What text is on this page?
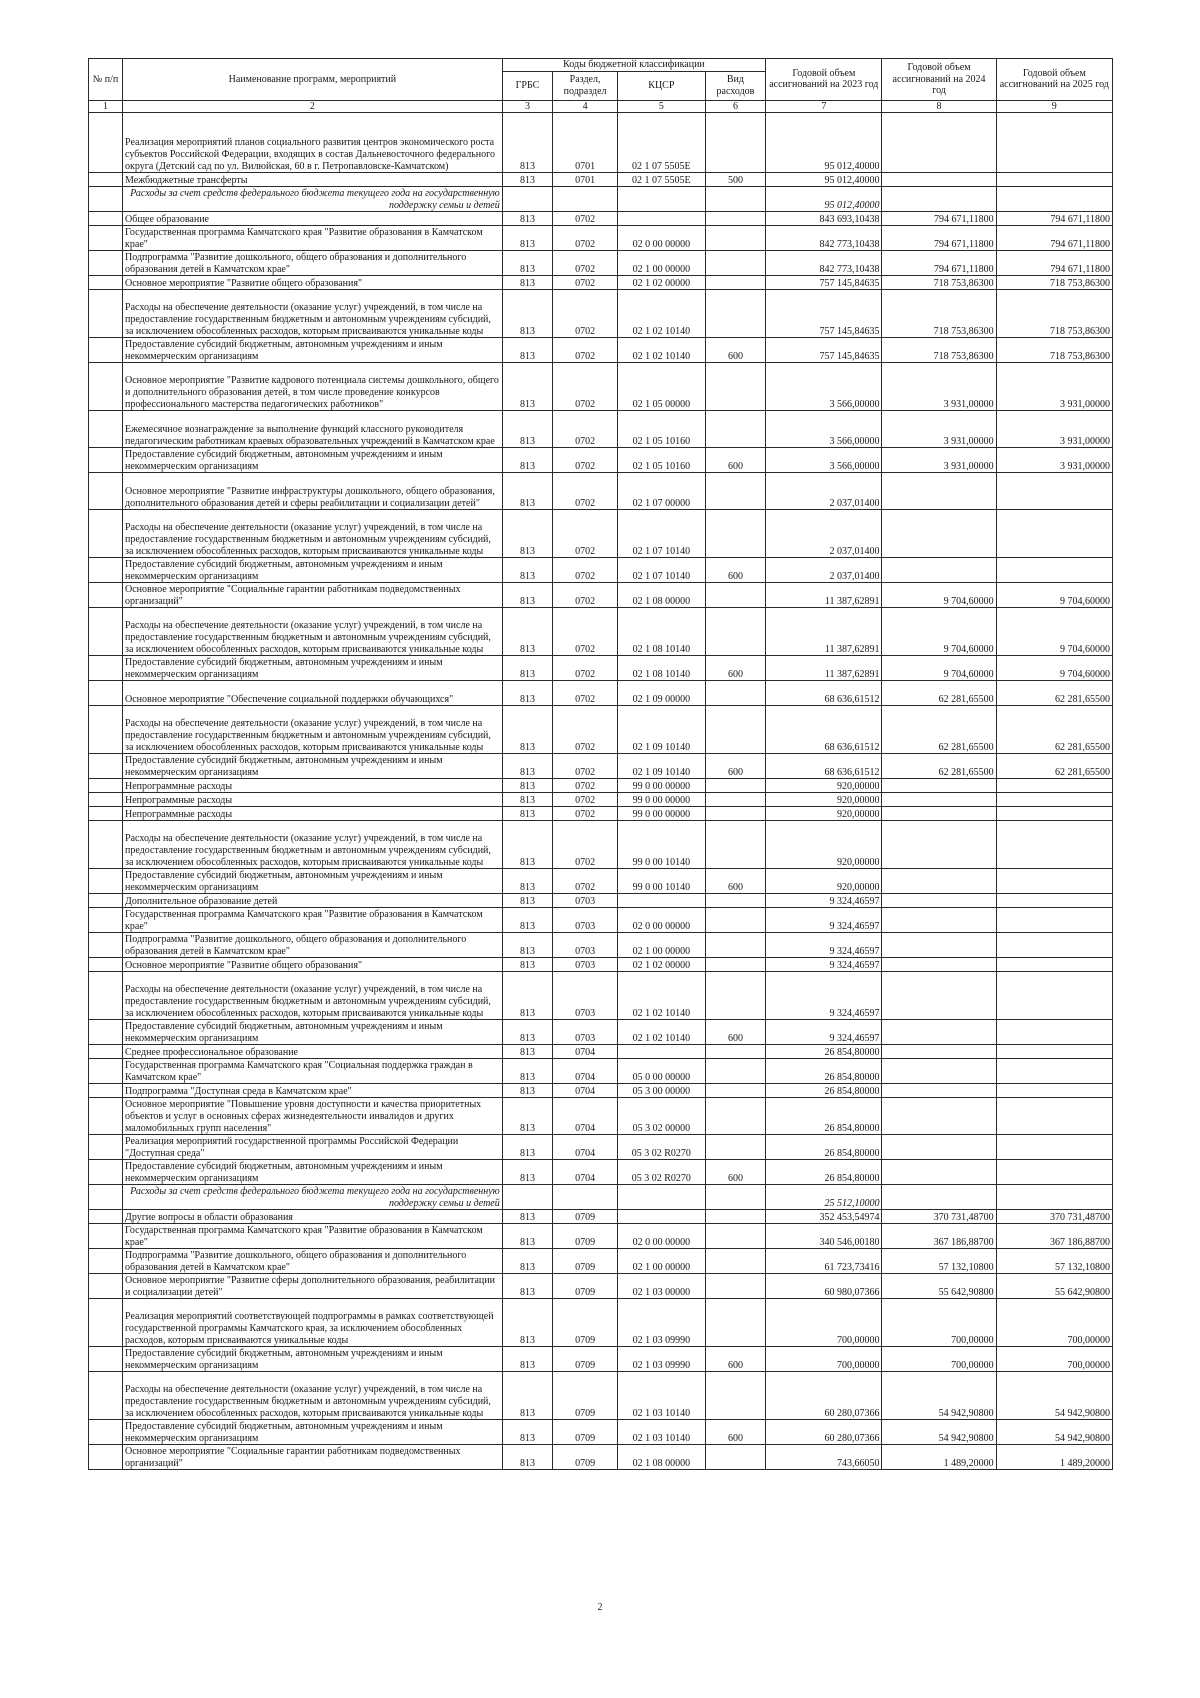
№ п/п	Наименование программ, мероприятий	Коды бюджетной классификации				Годовой объем ассигнований на 2023 год	Годовой объем ассигнований на 2024 год	Годовой объем ассигнований на 2025 год
		ГРБС	Раздел, подраздел	КЦСР	Вид расходов			
1	2	3	4	5	6	7	8	9
	Реализация мероприятий планов социального развития центров экономического роста субъектов Российской Федерации, входящих в состав Дальневосточного федерального округа (Детский сад по ул. Вилюйская, 60 в г. Петропавловске-Камчатском)	813	0701	02 1 07 5505Е		95 012,40000		
	Межбюджетные трансферты	813	0701	02 1 07 5505Е	500	95 012,40000		
	Расходы за счет средств федерального бюджета текущего года на государственную поддержку семьи и детей					95 012,40000		
	Общее образование	813	0702			843 693,10438	794 671,11800	794 671,11800
	Государственная программа Камчатского края "Развитие образования в Камчатском крае"	813	0702	02 0 00 00000		842 773,10438	794 671,11800	794 671,11800
	Подпрограмма "Развитие дошкольного, общего образования и дополнительного образования детей в Камчатском крае"	813	0702	02 1 00 00000		842 773,10438	794 671,11800	794 671,11800
	Основное мероприятие "Развитие общего образования"	813	0702	02 1 02 00000		757 145,84635	718 753,86300	718 753,86300
	Расходы на обеспечение деятельности (оказание услуг) учреждений, в том числе на предоставление государственным бюджетным и автономным учреждениям субсидий, за исключением обособленных расходов, которым присваиваются уникальные коды	813	0702	02 1 02 10140		757 145,84635	718 753,86300	718 753,86300
	Предоставление субсидий бюджетным, автономным учреждениям и иным некоммерческим организациям	813	0702	02 1 02 10140	600	757 145,84635	718 753,86300	718 753,86300
	Основное мероприятие "Развитие кадрового потенциала системы дошкольного, общего и дополнительного образования детей, в том числе проведение конкурсов профессионального мастерства педагогических работников"	813	0702	02 1 05 00000		3 566,00000	3 931,00000	3 931,00000
	Ежемесячное вознаграждение за выполнение функций классного руководителя педагогическим работникам краевых образовательных учреждений в Камчатском крае	813	0702	02 1 05 10160		3 566,00000	3 931,00000	3 931,00000
	Предоставление субсидий бюджетным, автономным учреждениям и иным некоммерческим организациям	813	0702	02 1 05 10160	600	3 566,00000	3 931,00000	3 931,00000
	Основное мероприятие "Развитие инфраструктуры дошкольного, общего образования, дополнительного образования детей и сферы реабилитации и социализации детей"	813	0702	02 1 07 00000		2 037,01400		
	Расходы на обеспечение деятельности (оказание услуг) учреждений, в том числе на предоставление государственным бюджетным и автономным учреждениям субсидий, за исключением обособленных расходов, которым присваиваются уникальные коды	813	0702	02 1 07 10140		2 037,01400		
	Предоставление субсидий бюджетным, автономным учреждениям и иным некоммерческим организациям	813	0702	02 1 07 10140	600	2 037,01400		
	Основное мероприятие "Социальные гарантии работникам подведомственных организаций"	813	0702	02 1 08 00000		11 387,62891	9 704,60000	9 704,60000
	Расходы на обеспечение деятельности (оказание услуг) учреждений, в том числе на предоставление государственным бюджетным и автономным учреждениям субсидий, за исключением обособленных расходов, которым присваиваются уникальные коды	813	0702	02 1 08 10140		11 387,62891	9 704,60000	9 704,60000
	Предоставление субсидий бюджетным, автономным учреждениям и иным некоммерческим организациям	813	0702	02 1 08 10140	600	11 387,62891	9 704,60000	9 704,60000
	Основное мероприятие "Обеспечение социальной поддержки обучающихся"	813	0702	02 1 09 00000		68 636,61512	62 281,65500	62 281,65500
	Расходы на обеспечение деятельности (оказание услуг) учреждений, в том числе на предоставление государственным бюджетным и автономным учреждениям субсидий, за исключением обособленных расходов, которым присваиваются уникальные коды	813	0702	02 1 09 10140		68 636,61512	62 281,65500	62 281,65500
	Предоставление субсидий бюджетным, автономным учреждениям и иным некоммерческим организациям	813	0702	02 1 09 10140	600	68 636,61512	62 281,65500	62 281,65500
	Непрограммные расходы	813	0702	99 0 00 00000		920,00000		
	Непрограммные расходы	813	0702	99 0 00 00000		920,00000		
	Непрограммные расходы	813	0702	99 0 00 00000		920,00000		
	Расходы на обеспечение деятельности (оказание услуг) учреждений, в том числе на предоставление государственным бюджетным и автономным учреждениям субсидий, за исключением обособленных расходов, которым присваиваются уникальные коды	813	0702	99 0 00 10140		920,00000		
	Предоставление субсидий бюджетным, автономным учреждениям и иным некоммерческим организациям	813	0702	99 0 00 10140	600	920,00000		
	Дополнительное образование детей	813	0703			9 324,46597		
	Государственная программа Камчатского края "Развитие образования в Камчатском крае"	813	0703	02 0 00 00000		9 324,46597		
	Подпрограмма "Развитие дошкольного, общего образования и дополнительного образования детей в Камчатском крае"	813	0703	02 1 00 00000		9 324,46597		
	Основное мероприятие "Развитие общего образования"	813	0703	02 1 02 00000		9 324,46597		
	Расходы на обеспечение деятельности (оказание услуг) учреждений, в том числе на предоставление государственным бюджетным и автономным учреждениям субсидий, за исключением обособленных расходов, которым присваиваются уникальные коды	813	0703	02 1 02 10140		9 324,46597		
	Предоставление субсидий бюджетным, автономным учреждениям и иным некоммерческим организациям	813	0703	02 1 02 10140	600	9 324,46597		
	Среднее профессиональное образование	813	0704			26 854,80000		
	Государственная программа Камчатского края "Социальная поддержка граждан в Камчатском крае"	813	0704	05 0 00 00000		26 854,80000		
	Подпрограмма "Доступная среда в Камчатском крае"	813	0704	05 3 00 00000		26 854,80000		
	Основное мероприятие "Повышение уровня доступности и качества приоритетных объектов и услуг в основных сферах жизнедеятельности инвалидов и других маломобильных групп населения"	813	0704	05 3 02 00000		26 854,80000		
	Реализация мероприятий государственной программы Российской Федерации "Доступная среда"	813	0704	05 3 02 R0270		26 854,80000		
	Предоставление субсидий бюджетным, автономным учреждениям и иным некоммерческим организациям	813	0704	05 3 02 R0270	600	26 854,80000		
	Расходы за счет средств федерального бюджета текущего года на государственную поддержку семьи и детей					25 512,10000		
	Другие вопросы в области образования	813	0709			352 453,54974	370 731,48700	370 731,48700
	Государственная программа Камчатского края "Развитие образования в Камчатском крае"	813	0709	02 0 00 00000		340 546,00180	367 186,88700	367 186,88700
	Подпрограмма "Развитие дошкольного, общего образования и дополнительного образования детей в Камчатском крае"	813	0709	02 1 00 00000		61 723,73416	57 132,10800	57 132,10800
	Основное мероприятие "Развитие сферы дополнительного образования, реабилитации и социализации детей"	813	0709	02 1 03 00000		60 980,07366	55 642,90800	55 642,90800
	Реализация мероприятий соответствующей подпрограммы в рамках соответствующей государственной программы Камчатского края, за исключением обособленных расходов, которым присваиваются уникальные коды	813	0709	02 1 03 09990		700,00000	700,00000	700,00000
	Предоставление субсидий бюджетным, автономным учреждениям и иным некоммерческим организациям	813	0709	02 1 03 09990	600	700,00000	700,00000	700,00000
	Расходы на обеспечение деятельности (оказание услуг) учреждений, в том числе на предоставление государственным бюджетным и автономным учреждениям субсидий, за исключением обособленных расходов, которым присваиваются уникальные коды	813	0709	02 1 03 10140		60 280,07366	54 942,90800	54 942,90800
	Предоставление субсидий бюджетным, автономным учреждениям и иным некоммерческим организациям	813	0709	02 1 03 10140	600	60 280,07366	54 942,90800	54 942,90800
	Основное мероприятие "Социальные гарантии работникам подведомственных организаций"	813	0709	02 1 08 00000		743,66050	1 489,20000	1 489,20000
2
